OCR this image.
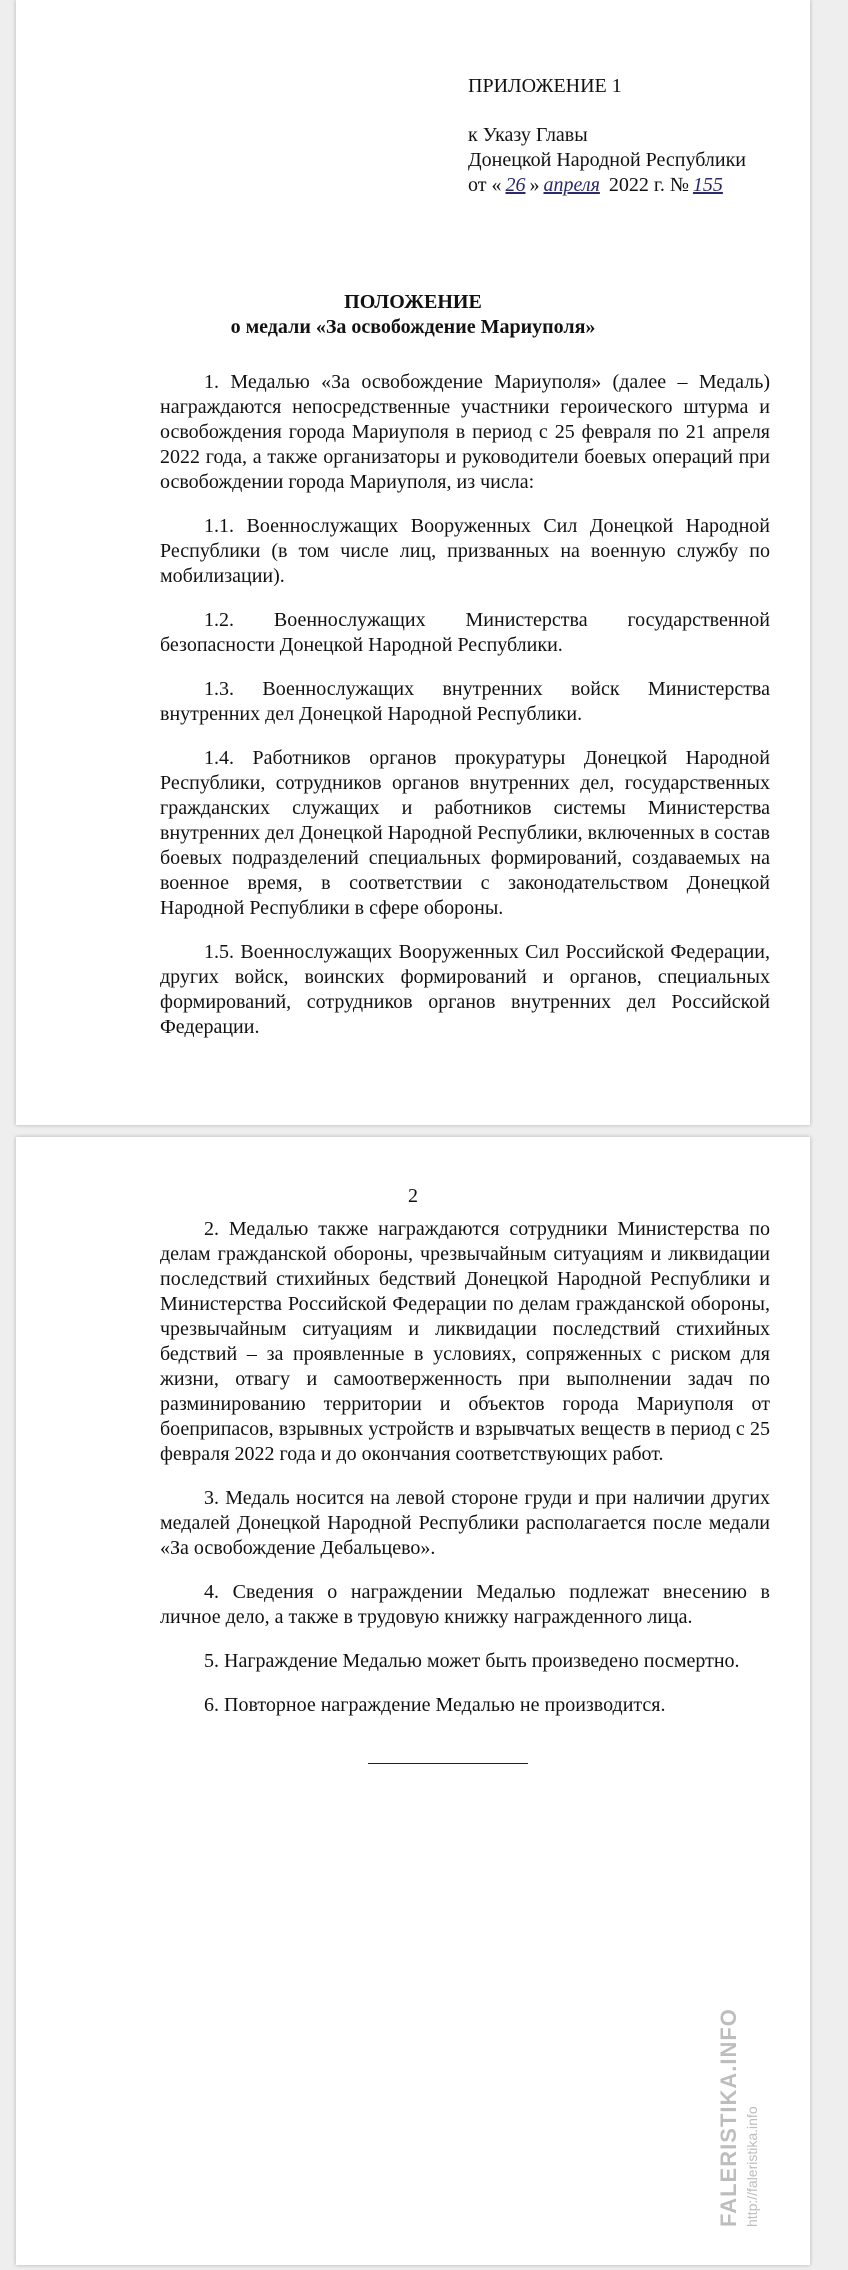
ПРИЛОЖЕНИЕ 1
к Указу Главы
Донецкой Народной Республики
от « 26 » апреля 2022 г. № 155
ПОЛОЖЕНИЕ
о медали «За освобождение Мариуполя»

1. Медалью «За освобождение Мариуполя» (далее – Медаль) награждаются непосредственные участники героического штурма и освобождения города Мариуполя в период с 25 февраля по 21 апреля 2022 года, а также организаторы и руководители боевых операций при освобождении города Мариуполя, из числа:

1.1. Военнослужащих Вооруженных Сил Донецкой Народной Республики (в том числе лиц, призванных на военную службу по мобилизации).

1.2. Военнослужащих Министерства государственной безопасности Донецкой Народной Республики.

1.3. Военнослужащих внутренних войск Министерства внутренних дел Донецкой Народной Республики.

1.4. Работников органов прокуратуры Донецкой Народной Республики, сотрудников органов внутренних дел, государственных гражданских служащих и работников системы Министерства внутренних дел Донецкой Народной Республики, включенных в состав боевых подразделений специальных формирований, создаваемых на военное время, в соответствии с законодательством Донецкой Народной Республики в сфере обороны.

1.5. Военнослужащих Вооруженных Сил Российской Федерации, других войск, воинских формирований и органов, специальных формирований, сотрудников органов внутренних дел Российской Федерации.

2

2. Медалью также награждаются сотрудники Министерства по делам гражданской обороны, чрезвычайным ситуациям и ликвидации последствий стихийных бедствий Донецкой Народной Республики и Министерства Российской Федерации по делам гражданской обороны, чрезвычайным ситуациям и ликвидации последствий стихийных бедствий – за проявленные в условиях, сопряженных с риском для жизни, отвагу и самоотверженность при выполнении задач по разминированию территории и объектов города Мариуполя от боеприпасов, взрывных устройств и взрывчатых веществ в период с 25 февраля 2022 года и до окончания соответствующих работ.

3. Медаль носится на левой стороне груди и при наличии других медалей Донецкой Народной Республики располагается после медали «За освобождение Дебальцево».

4. Сведения о награждении Медалью подлежат внесению в личное дело, а также в трудовую книжку награжденного лица.

5. Награждение Медалью может быть произведено посмертно.

6. Повторное награждение Медалью не производится.

FALERISTIKA.INFO http://faleristika.info
